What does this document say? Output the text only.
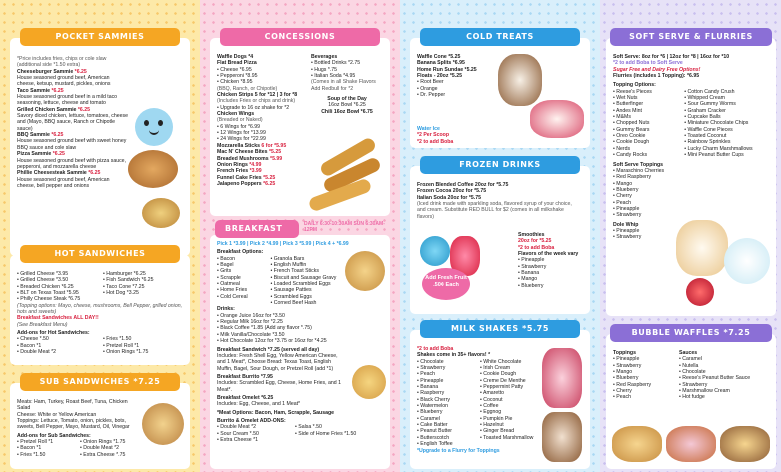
POCKET SAMMIES
*Price includes fries, chips or cole slaw (additional side *1.50 extra)
Cheeseburger Sammie *6.25
House seasoned ground beef, American cheese, ketsup, mustard, pickles, onions
Taco Sammie *6.25
House seasoned ground beef in a mild taco seasoning, lettuce, cheese and tomato
Grilled Chicken Sammie *6.25
Savory diced chicken, lettuce, tomatoes, cheese and (Mayo, BBQ sauce, Ranch or Chipotle sauce)
BBQ Sammie *6.25
House seasoned ground beef with sweet honey BBQ sauce and cole slaw
Pizza Sammie *6.25
House seasoned ground beef with pizza sauce, pepperoni, and mozzarella cheese
Phillie Cheesesteak Sammie *6.25
House seasoned ground beef, American cheese, bell pepper and onions
HOT SANDWICHES
• Grilled Cheese *3.95
• Grilled Cheese *3.50
• Breaded Chicken *6.25
• BLT on Texas Toast *5.95
• Philly Cheese Steak *6.75
• Hamburger *6.25
• Fish Sandwich *6.25
• Taco Cone *7.25
• Hot Dog *3.25
(Topping options: Mayo, cheese, mushrooms, Bell Pepper, grilled onion, hots and sweets)
Breakfast Sandwiches ALL DAY!!
(See Breakfast Menu)
Add-ons for Hot Sandwiches:
• Cheese *.50
• Bacon *1
• Double Meat *2
• Fries *1.50
• Pretzel Roll *1
• Onion Rings *1.75
SUB SANDWICHES *7.25
Meats: Ham, Turkey, Roast Beef, Tuna, Chicken Salad
Cheese: White or Yellow American
Toppings: Lettuce, Tomato, onion, pickles, bots, sweets, Bell Pepper, Mayo, Mustard, Oil, Vinegar
Add-ons for Sub Sandwiches:
• Pretzel Roll *1
• Bacon *1
• Fries *1.50
• Onion Rings *1.75
• Double Meat *2
• Extra Cheese *.75
CONCESSIONS
Waffle Dogs *4
Flat Bread Pizza
• Cheese *6.95
• Pepperoni *8.95
• Chicken *8.95
(BBQ, Ranch, or Chipotle)
Chicken Strips 5 for *12 | 3 for *8
(Includes Fries or chips and drink)
• Upgrade to 16 oz shake for *2
Chicken Wings
(Breaded or Naked)
• 6 Wings for *6.99
• 12 Wings for *13.99
• 24 Wings for *22.99
Mozzarella Sticks 6 for *5.95
Mac N' Cheese Bites *5.25
Breaded Mushrooms *5.99
Onion Rings *4.99
French Fries *3.99
Funnel Cake Fries *5.25
Jalapeno Poppers *6.25
Beverages
• Bottled Drinks *2.75
• Hugs *.75
• Italian Soda *4.95
(Comes in all Shake Flavors Add Redbull for *2
Soup of the Day
16oz Bowl *6.25
Chili 16oz Bowl *6.75
BREAKFAST	DAILY 6:30-10:30AM SUN 6:30AM-12PM
Pick 1 *3.99 | Pick 2 *4.99 | Pick 3 *5.99 | Pick 4 + *6.99
Breakfast Options:
• Bacon
• Bagel
• Grits
• Scrapple
• Oatmeal
• Home Fries
• Cold Cereal
• Granola Bars
• English Muffin
• French Toast Sticks
• Biscuit and Sausage Gravy
• Loaded Scrambled Eggs
• Sausage Patties
• Scrambled Eggs
• Corned Beef Hash
Drinks:
• Orange Juice 16oz for *3.50
• Regular Milk 16oz for *2.25
• Black Coffee *1.85 (Add any flavor *.75)
• Milk Vanilla/Chocolate *3.50
• Hot Chocolate 12oz for *3.75 or 16oz for *4.25
Breakfast Sandwich *7.25 (served all day)
Includes: Fresh Shell Egg, Yellow American Cheese, and 1 Meat*, Choose Bread: Texas Toast, English Muffin, Bagel, Sour Dough, or Pretzel Roll (add *1)
Breakfast Burrito *7.95
Includes: Scrambled Egg, Cheese, Home Fries, and 1 Meat*.
Breakfast Omelet *6.25
Includes: Egg, Cheese, and 1 Meat*
*Meat Options: Bacon, Ham, Scrapple, Sausage
Burrito & Omelet ADD-ONS:
• Double Meat *2
• Sour Cream *.50
• Extra Cheese *1
• Salsa *.50
• Side of Home Fries *1.50
COLD TREATS
Waffle Cone *5.25
Banana Splits *6.95
Home Run Sundae *5.25
Floats - 20oz *5.25
• Root Beer
• Orange
• Dr. Pepper
Water Ice
*2 Per Scoop
*2 to add Boba
FROZEN DRINKS
Frozen Blended Coffee 20oz for *5.75
Frozen Cocoa 20oz for *5.75
Italian Soda 20oz for *5.75
(Iced drink made with sparkling soda, flavored syrup of your choice, and cream. Substitute RED BULL for $2 (comes in all milkshake flavors)
Add Fresh Fruit .50¢ Each
Smoothies
20oz for *5.25
*2 to add Boba
Flavors of the week vary
• Pineapple
• Strawberry
• Banana
• Mango
• Blueberry
MILK SHAKES *5.75
*2 to add Boba
Shakes come in 35+ flavors! *
• Chocolate
• Strawberry
• Peach
• Pineapple
• Banana
• Raspberry
• Black Cherry
• Watermelon
• Blueberry
• Caramel
• Cake Batter
• Peanut Butter
• Butterscotch
• English Toffee
• White Chocolate
• Irish Cream
• Cookie Dough
• Creme De Menthe
• Peppermint Patty
• Amaretto
• Coconut
• Coffee
• Eggnog
• Pumpkin Pie
• Hazelnut
• Ginger Bread
• Toasted Marshmallow
*Upgrade to a Flurry for Toppings
SOFT SERVE & FLURRIES
Soft Serve: 8oz for *6 | 12oz for *8 | 16oz for *10
*2 to add Boba to Soft Serve
Sugar Free and Dairy Free Options!
Flurries (includes 1 Topping): *6.95
Topping Options:
• Reese's Pieces
• Wet Nuts
• Butterfinger
• Andes Mint
• M&Ms
• Chopped Nuts
• Gummy Bears
• Oreo Cookie
• Cookie Dough
• Nerds
• Candy Rocks
• Cotton Candy Crush
• Whipped Cream
• Sour Gummy Worms
• Graham Cracker
• Cupcake Balls
• Miniature Chocolate Chips
• Waffle Cone Pieces
• Toasted Coconut
• Rainbow Sprinkles
• Lucky Charm Marshmallows
• Mini Peanut Butter Cups
Soft Serve Toppings
• Maraschino Cherries
• Red Raspberry
• Mango
• Blueberry
• Cherry
• Peach
• Pineapple
• Strawberry
Dole Whip
• Pineapple
• Strawberry
BUBBLE WAFFLES *7.25
Toppings
• Pineapple
• Strawberry
• Mango
• Blueberry
• Red Raspberry
• Cherry
• Peach
Sauces
• Caramel
• Nutella
• Chocolate
• Reese's Peanut Butter Sauce
• Strawberry
• Marshmallow Cream
• Hot fudge
